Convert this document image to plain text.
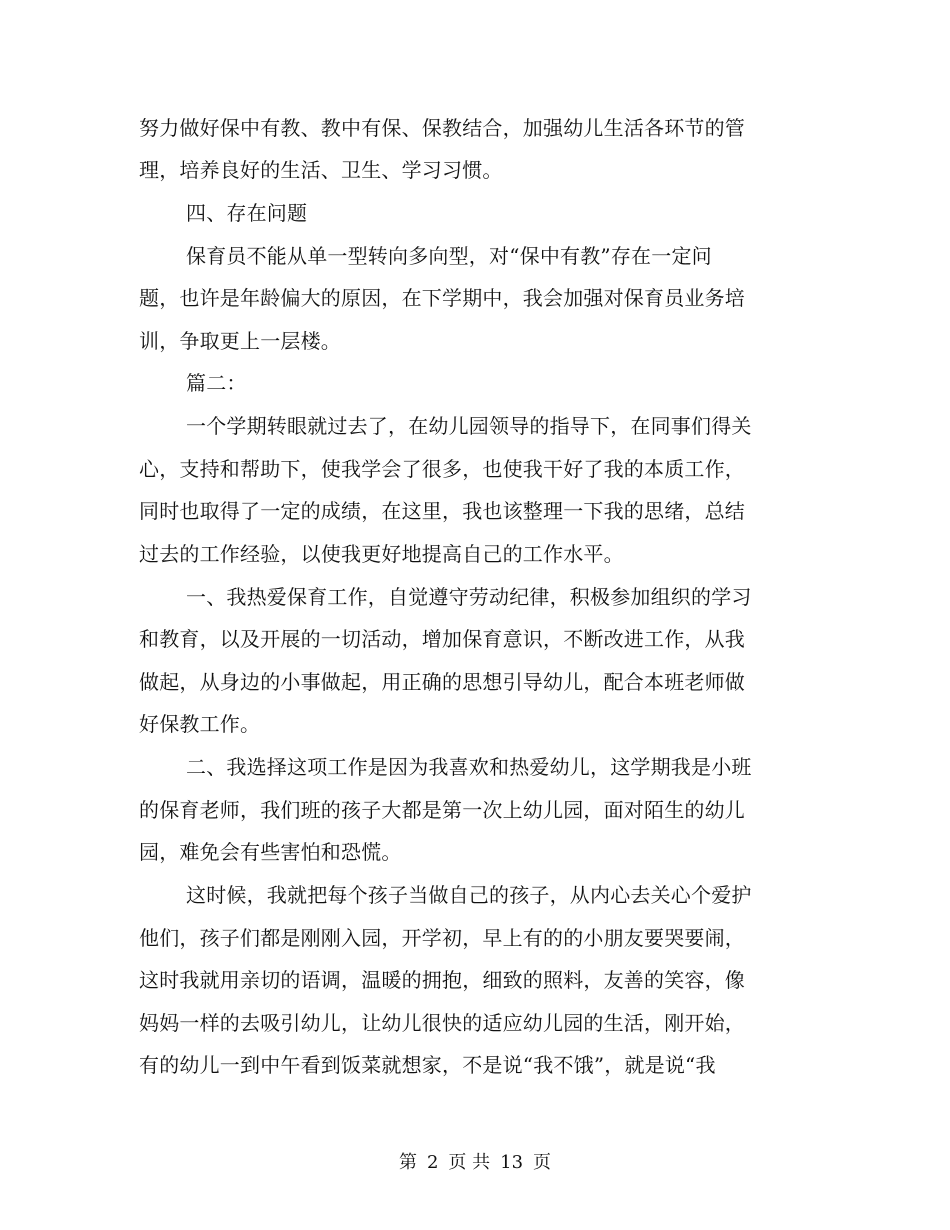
努力做好保中有教、教中有保、保教结合，加强幼儿生活各环节的管
理，培养良好的生活、卫生、学习习惯。
四、存在问题
保育员不能从单一型转向多向型，对“保中有教”存在一定问
题，也许是年龄偏大的原因，在下学期中，我会加强对保育员业务培
训，争取更上一层楼。
篇二：
一个学期转眼就过去了，在幼儿园领导的指导下，在同事们得关
心，支持和帮助下，使我学会了很多，也使我干好了我的本质工作，
同时也取得了一定的成绩，在这里，我也该整理一下我的思绪，总结
过去的工作经验，以使我更好地提高自己的工作水平。
一、我热爱保育工作，自觉遵守劳动纪律，积极参加组织的学习
和教育，以及开展的一切活动，增加保育意识，不断改进工作，从我
做起，从身边的小事做起，用正确的思想引导幼儿，配合本班老师做
好保教工作。
二、我选择这项工作是因为我喜欢和热爱幼儿，这学期我是小班
的保育老师，我们班的孩子大都是第一次上幼儿园，面对陌生的幼儿
园，难免会有些害怕和恐慌。
这时候，我就把每个孩子当做自己的孩子，从内心去关心个爱护
他们，孩子们都是刚刚入园，开学初，早上有的的小朋友要哭要闹，
这时我就用亲切的语调，温暖的拥抱，细致的照料，友善的笑容，像
妈妈一样的去吸引幼儿，让幼儿很快的适应幼儿园的生活，刚开始，
有的幼儿一到中午看到饭菜就想家，不是说“我不饿”，就是说“我
第 2 页 共 13 页
